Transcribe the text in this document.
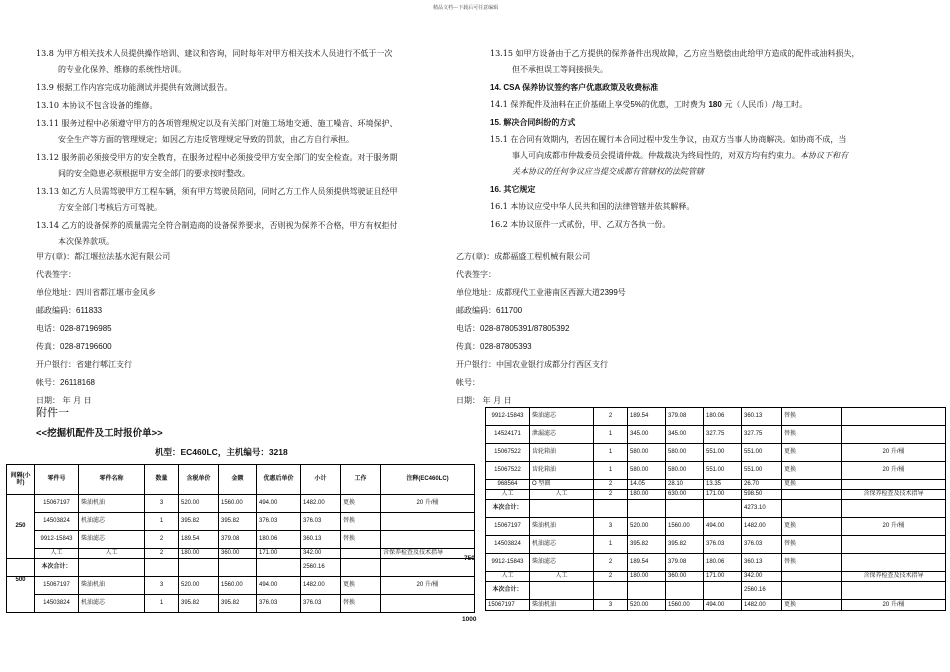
精品文档---下载后可任意编辑
13.8 为甲方相关技术人员提供操作培训、建议和咨询，同时每年对甲方相关技术人员进行不低于一次
的专业化保养、维修的系统性培训。
13.9 根据工作内容完成功能测试并提供有效测试报告。
13.10 本协议不包含设备的维修。
13.11 服务过程中必须遵守甲方的各项管理规定以及有关部门对施工场地交通、施工噪音、环境保护、
安全生产等方面的管理规定；如因乙方违反管理规定导致的罚款，由乙方自行承担。
13.12 服务前必须接受甲方的安全教育，在服务过程中必须接受甲方安全部门的安全检查。对于服务期
间的安全隐患必须根据甲方安全部门的要求按时整改。
13.13 如乙方人员需驾驶甲方工程车辆，须有甲方驾驶员陪同，同时乙方工作人员须提供驾驶证且经甲
方安全部门考核后方可驾驶。
13.14 乙方的设备保养的质量需完全符合制造商的设备保养要求，否则视为保养不合格，甲方有权拒付
本次保养款项。
13.15 如甲方设备由于乙方提供的保养备件出现故障，乙方应当赔偿由此给甲方造成的配件或油料损失，
但不承担误工等间接损失。
14. CSA 保养协议签约客户优惠政策及收费标准
14.1 保养配件及油料在正价基础上享受5%的优惠，工时费为 180 元（人民币）/每工时。
15. 解决合同纠纷的方式
15.1 在合同有效期内，若因在履行本合同过程中发生争议，由双方当事人协商解决。如协商不成，当
事人可向成都市仲裁委员会提请仲裁。仲裁裁决为终局性的，对双方均有约束力。本协议下和有
关本协议的任何争议应当提交成都有管辖权的法院管辖
16. 其它规定
16.1 本协议应受中华人民共和国的法律管辖并依其解释。
16.2 本协议原件一式贰份，甲、乙双方各执一份。
甲方(章)：都江堰拉法基水泥有限公司
代表签字：
单位地址：四川省都江堰市金凤乡
邮政编码：611833
电话：028-87196985
传真：028-87196600
开户银行：省建行郫江支行
帐号：26118168
日期： 年 月 日
乙方(章)：成都福盛工程机械有限公司
代表签字：
单位地址：成都现代工业港南区西源大道2399号
邮政编码：611700
电话：028-87805391/87805392
传真：028-87805393
开户银行：中国农业银行成都分行西区支行
帐号：
日期： 年 月 日
附件一
<<挖掘机配件及工时报价单>>
机型：EC460LC，主机编号：3218
间隔(小时)	零件号	零件名称	数量	含税单价	金额	优惠后单价	小计	工作	注释(EC460LC)
250	15067197	柴油机油	3	520.00	1560.00	494.00	1482.00	更换	20 升/桶
	14503824	机油滤芯	1	395.82	395.82	376.03	376.03	替换	
	9912-15843	柴油滤芯	2	189.54	379.08	180.06	360.13	替换	
	人工	人工	2	180.00	360.00	171.00	342.00		含保养检查及技术指导
	本次合计：						2560.16		
500	15067197	柴油机油	3	520.00	1560.00	494.00	1482.00	更换	20 升/桶
	14503824	机油滤芯	1	395.82	395.82	376.03	376.03	替换	
9912-15843	柴油滤芯	2	189.54	379.08	180.06	360.13	替换	
14524171	泄漏滤芯	1	345.00	345.00	327.75	327.75	替换	
15067522	齿轮箱油	1	580.00	580.00	551.00	551.00	更换	20 升/桶
15067522	齿轮箱油	1	580.00	580.00	551.00	551.00	更换	20 升/桶
968564	O 型圈	2	14.05	28.10	13.35	26.70	更换	
人工	人工	2	180.00	630.00	171.00	598.50		含保养检查及技术指导
本次合计：						4273.10		
15067197	柴油机油	3	520.00	1560.00	494.00	1482.00	更换	20 升/桶
14503824	机油滤芯	1	395.82	395.82	376.03	376.03	替换	
9912-15843	柴油滤芯	2	189.54	379.08	180.06	360.13	替换	
人工	人工	2	180.00	360.00	171.00	342.00		含保养检查及技术指导
本次合计：						2560.16		
15067197	柴油机油	3	520.00	1560.00	494.00	1482.00	更换	20 升/桶
750
1000
